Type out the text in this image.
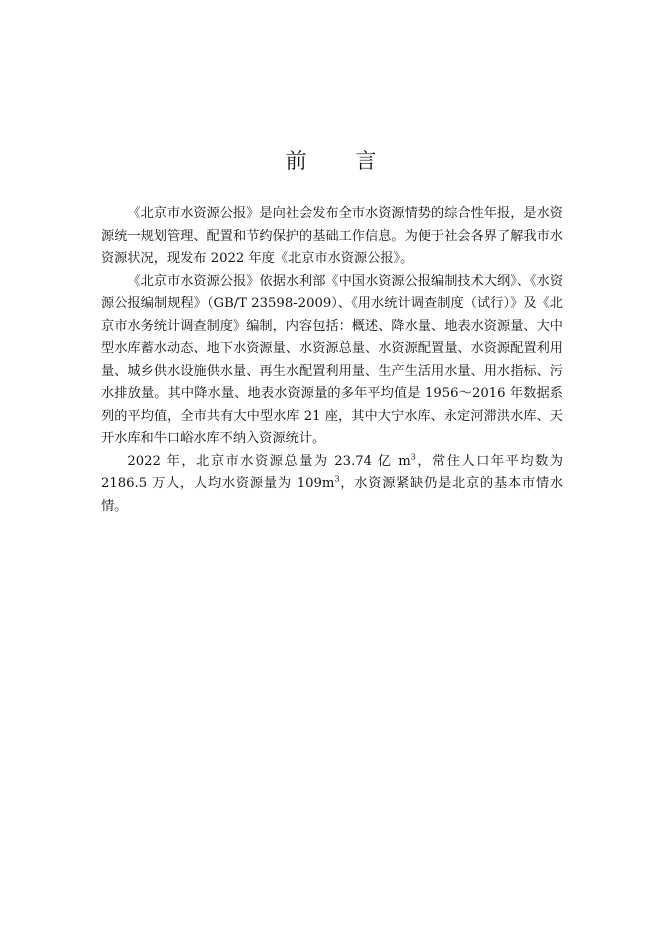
前 言

《北京市水资源公报》是向社会发布全市水资源情势的综合性年报，是水资源统一规划管理、配置和节约保护的基础工作信息。为便于社会各界了解我市水资源状况，现发布 2022 年度《北京市水资源公报》。

《北京市水资源公报》依据水利部《中国水资源公报编制技术大纲》、《水资源公报编制规程》（GB/T 23598-2009）、《用水统计调查制度（试行）》及《北京市水务统计调查制度》编制，内容包括：概述、降水量、地表水资源量、大中型水库蓄水动态、地下水资源量、水资源总量、水资源配置量、水资源配置利用量、城乡供水设施供水量、再生水配置利用量、生产生活用水量、用水指标、污水排放量。其中降水量、地表水资源量的多年平均值是 1956～2016 年数据系列的平均值，全市共有大中型水库 21 座，其中大宁水库、永定河滞洪水库、天开水库和牛口峪水库不纳入资源统计。

2022 年，北京市水资源总量为 23.74 亿 $m^3$，常住人口年平均数为 2186.5 万人，人均水资源量为 $109m^3$，水资源紧缺仍是北京的基本市情水情。
